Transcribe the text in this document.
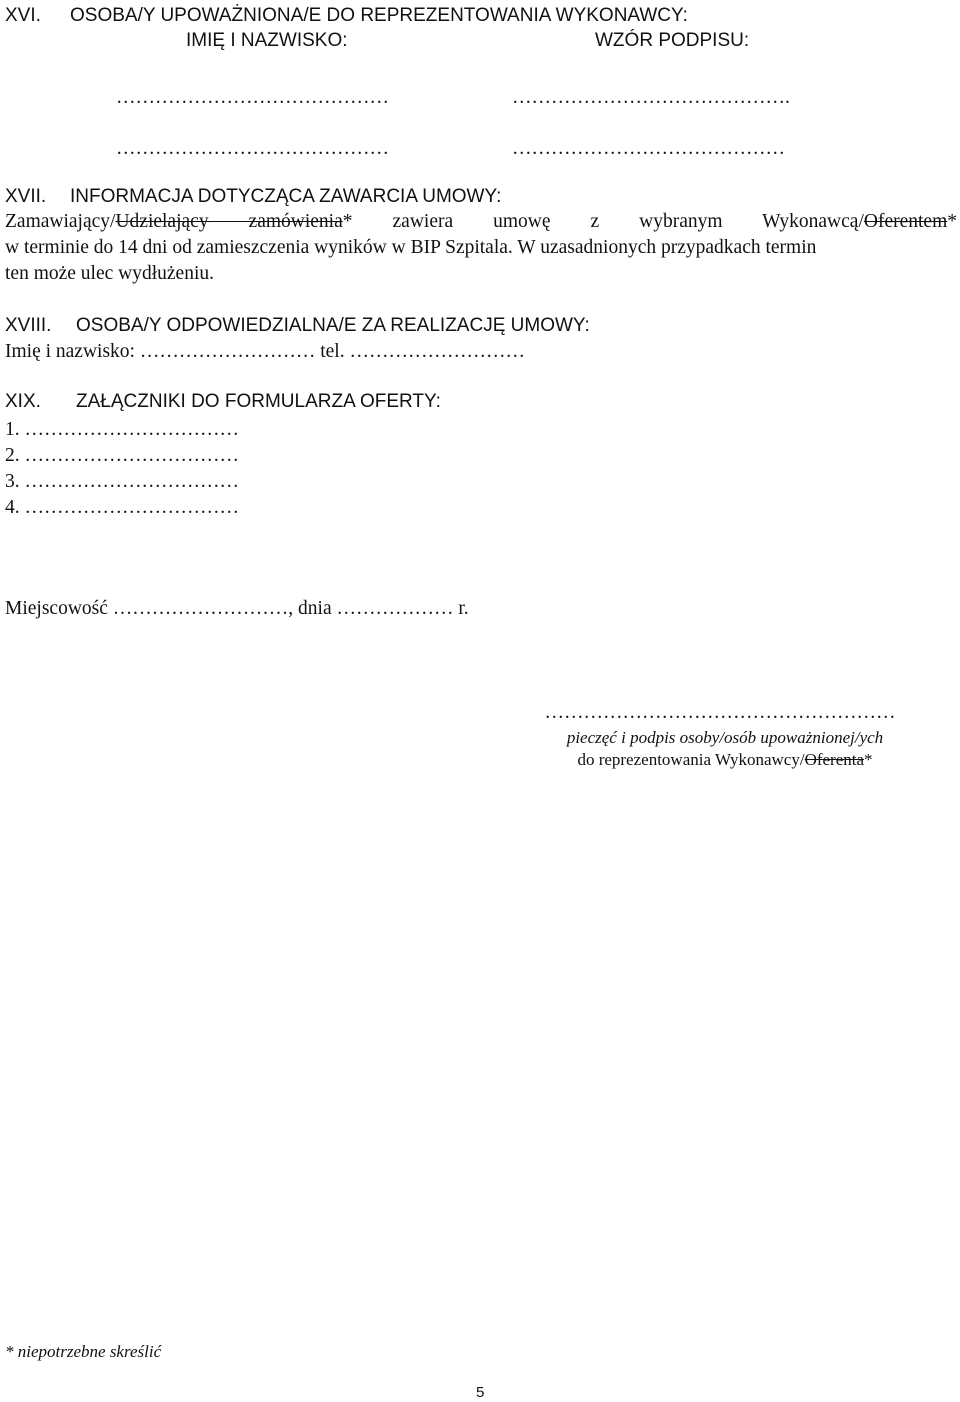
XVI. OSOBA/Y UPOWAŻNIONA/E DO REPREZENTOWANIA WYKONAWCY:
IMIĘ I NAZWISKO:	WZÓR PODPISU:
……………………………………	…………………………………….
……………………………………	……………………………………
XVII. INFORMACJA DOTYCZĄCA ZAWARCIA UMOWY:
Zamawiający/Udzielający zamówienia* zawiera umowę z wybranym Wykonawcą/Oferentem*
w terminie do 14 dni od zamieszczenia wyników w BIP Szpitala. W uzasadnionych przypadkach termin
ten może ulec wydłużeniu.
XVIII. OSOBA/Y ODPOWIEDZIALNA/E ZA REALIZACJĘ UMOWY:
Imię i nazwisko: ……………………… tel. ………………………
XIX. ZAŁĄCZNIKI DO FORMULARZA OFERTY:
1. ……………………………
2. ……………………………
3. ……………………………
4. ……………………………
Miejscowość ………………………, dnia ……………… r.
………………………………………………
pieczęć i podpis osoby/osób upoważnionej/ych
do reprezentowania Wykonawcy/Oferenta*
* niepotrzebne skreślić
5
